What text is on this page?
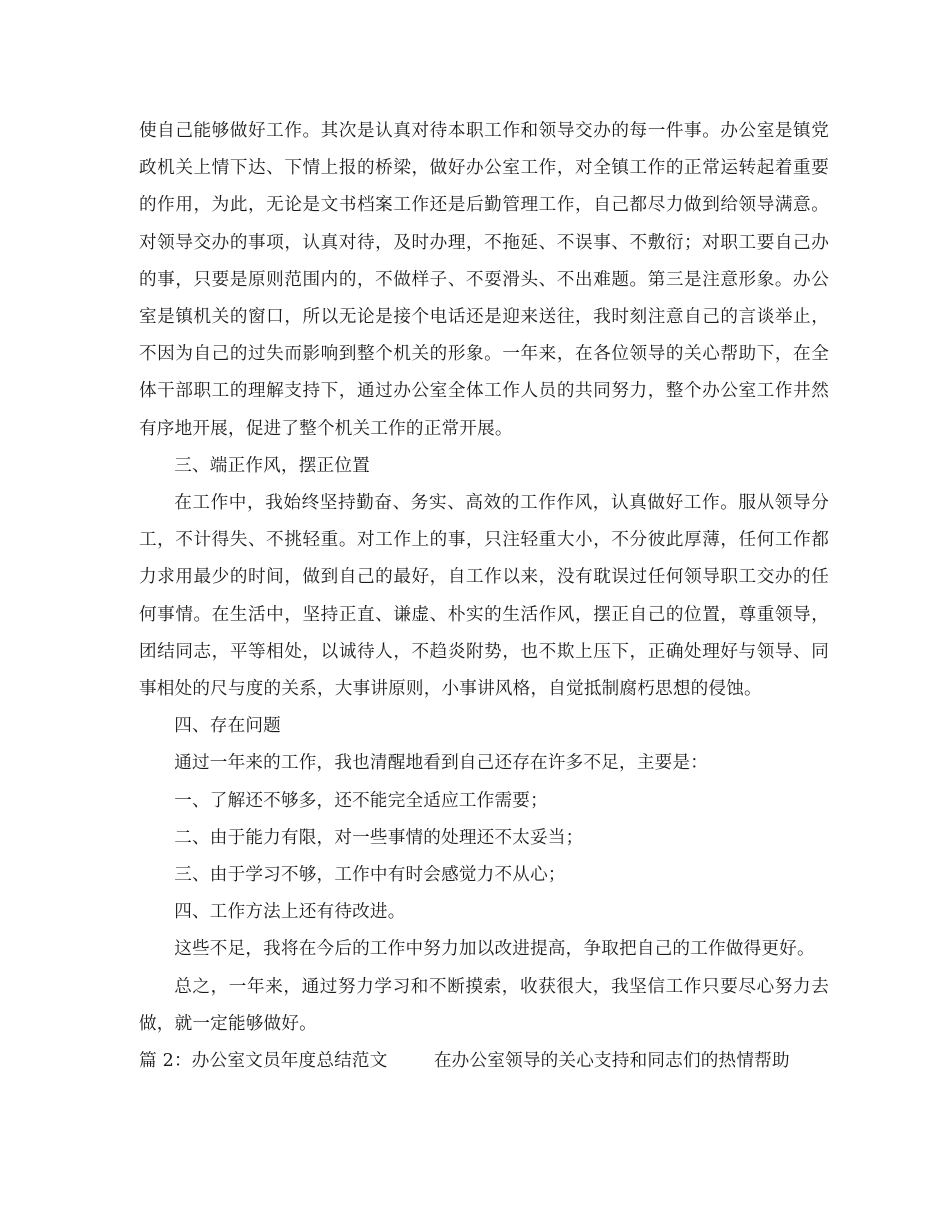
使自己能够做好工作。其次是认真对待本职工作和领导交办的每一件事。办公室是镇党政机关上情下达、下情上报的桥梁，做好办公室工作，对全镇工作的正常运转起着重要的作用，为此，无论是文书档案工作还是后勤管理工作，自己都尽力做到给领导满意。对领导交办的事项，认真对待，及时办理，不拖延、不误事、不敷衍；对职工要自己办的事，只要是原则范围内的，不做样子、不耍滑头、不出难题。第三是注意形象。办公室是镇机关的窗口，所以无论是接个电话还是迎来送往，我时刻注意自己的言谈举止，不因为自己的过失而影响到整个机关的形象。一年来，在各位领导的关心帮助下，在全体干部职工的理解支持下，通过办公室全体工作人员的共同努力，整个办公室工作井然有序地开展，促进了整个机关工作的正常开展。

三、端正作风，摆正位置

在工作中，我始终坚持勤奋、务实、高效的工作作风，认真做好工作。服从领导分工，不计得失、不挑轻重。对工作上的事，只注轻重大小，不分彼此厚薄，任何工作都力求用最少的时间，做到自己的最好，自工作以来，没有耽误过任何领导职工交办的任何事情。在生活中，坚持正直、谦虚、朴实的生活作风，摆正自己的位置，尊重领导，团结同志，平等相处，以诚待人，不趋炎附势，也不欺上压下，正确处理好与领导、同事相处的尺与度的关系，大事讲原则，小事讲风格，自觉抵制腐朽思想的侵蚀。

四、存在问题

通过一年来的工作，我也清醒地看到自己还存在许多不足，主要是：

一、了解还不够多，还不能完全适应工作需要；

二、由于能力有限，对一些事情的处理还不太妥当；

三、由于学习不够，工作中有时会感觉力不从心；

四、工作方法上还有待改进。

这些不足，我将在今后的工作中努力加以改进提高，争取把自己的工作做得更好。

总之，一年来，通过努力学习和不断摸索，收获很大，我坚信工作只要尽心努力去做，就一定能够做好。

篇 2：办公室文员年度总结范文	在办公室领导的关心支持和同志们的热情帮助
